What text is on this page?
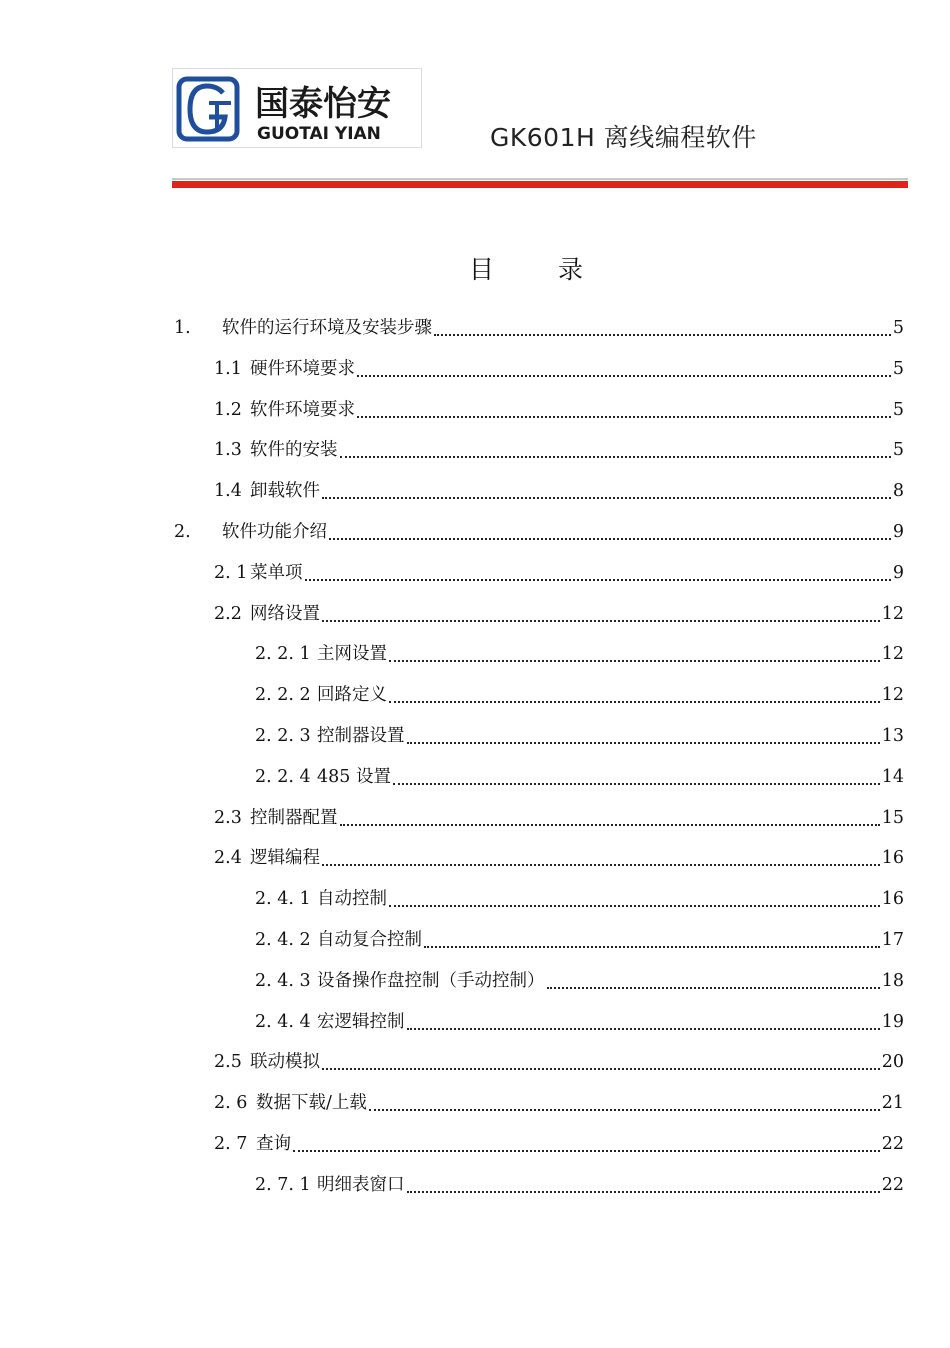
国泰怡安
GUOTAI YIAN	GK601H 离线编程软件
目 录
1.	软件的运行环境及安装步骤	5
1.1 硬件环境要求	5
1.2 软件环境要求	5
1.3 软件的安装	5
1.4 卸载软件	8
2.	软件功能介绍	9
2. 1 菜单项	9
2.2 网络设置	12
2. 2. 1 主网设置	12
2. 2. 2 回路定义	12
2. 2. 3 控制器设置	13
2. 2. 4 485 设置	14
2.3 控制器配置	15
2.4 逻辑编程	16
2. 4. 1 自动控制	16
2. 4. 2 自动复合控制	17
2. 4. 3 设备操作盘控制（手动控制）	18
2. 4. 4 宏逻辑控制	19
2.5 联动模拟	20
2. 6 数据下载/上载	21
2. 7 查询	22
2. 7. 1 明细表窗口	22
